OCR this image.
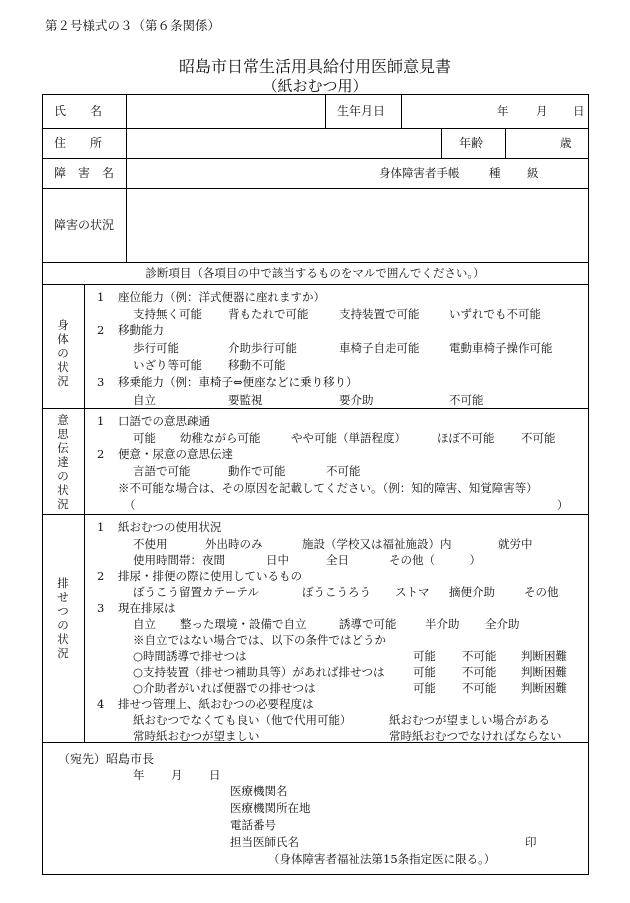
第２号様式の３（第６条関係）
昭島市日常生活用具給付用医師意見書
（紙おむつ用）
氏　　名	生年月日	年 月 日
住　　所	年齢	歳
障　害　名	身体障害者手帳	種 級
障害の状況
診断項目（各項目の中で該当するものをマルで囲んでください。）
身体の状況
1 座位能力（例：洋式便器に座れますか）
支持無く可能 背もたれで可能	支持装置で可能	いずれでも不可能
2 移動能力
歩行可能	介助歩行可能	車椅子自走可能	電動車椅子操作可能
いざり等可能 移動不可能
3 移乗能力（例：車椅子⇔便座などに乗り移り）
自立	要監視	要介助	不可能
意思伝達の状況
1 口語での意思疎通
可能 幼稚ながら可能	やや可能（単語程度）	ほぼ不可能 不可能
2 便意・尿意の意思伝達
言語で可能	動作で可能	不可能
※不可能な場合は、その原因を記載してください。（例：知的障害、知覚障害等）
（	）
排せつの状況
1 紙おむつの使用状況
不使用	外出時のみ	施設（学校又は福祉施設）内	就労中
使用時間帯：夜間	日中	全日	その他（　　　）
2 排尿・排便の際に使用しているもの
ぼうこう留置カテーテル	ぼうこうろう ストマ 摘便介助	その他
3 現在排尿は
自立 整った環境・設備で自立	誘導で可能 半介助 全介助
※自立ではない場合では、以下の条件ではどうか
○時間誘導で排せつは	可能 不可能 判断困難
○支持装置（排せつ補助具等）があれば排せつは 可能 不可能 判断困難
○介助者がいれば便器での排せつは	可能 不可能 判断困難
4 排せつ管理上、紙おむつの必要程度は
紙おむつでなくても良い（他で代用可能）	紙おむつが望ましい場合がある
常時紙おむつが望ましい	常時紙おむつでなければならない
（宛先）昭島市長
年 月 日
医療機関名
医療機関所在地
電話番号
担当医師氏名	印
（身体障害者福祉法第15条指定医に限る。）
